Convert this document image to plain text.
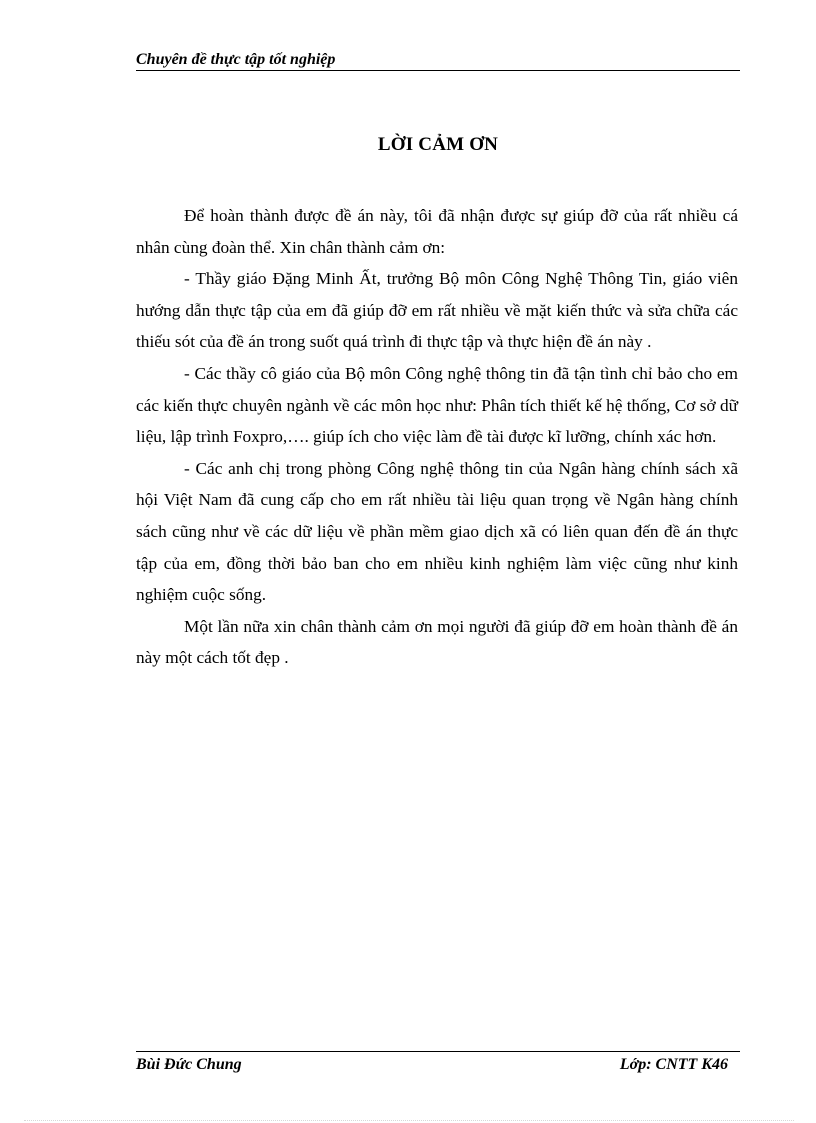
Chuyên đề thực tập tốt nghiệp
LỜI CẢM ƠN

Để hoàn thành được đề án này, tôi đã nhận được sự giúp đỡ của rất nhiều cá nhân cùng đoàn thể. Xin chân thành cảm ơn:

- Thầy giáo Đặng Minh Ất, trưởng Bộ môn Công Nghệ Thông Tin, giáo viên hướng dẫn thực tập của em đã giúp đỡ em rất nhiều về mặt kiến thức và sửa chữa các thiếu sót của đề án trong suốt quá trình đi thực tập và thực hiện đề án này .

- Các thầy cô giáo của Bộ môn Công nghệ thông tin đã tận tình chỉ bảo cho em các kiến thực chuyên ngành về các môn học như: Phân tích thiết kế hệ thống, Cơ sở dữ liệu, lập trình Foxpro,…. giúp ích cho việc làm đề tài được kĩ lưỡng, chính xác hơn.

- Các anh chị trong phòng Công nghệ thông tin của Ngân hàng chính sách xã hội Việt Nam đã cung cấp cho em rất nhiều tài liệu quan trọng về Ngân hàng chính sách cũng như về các dữ liệu về phần mềm giao dịch xã có liên quan đến đề án thực tập của em, đồng thời bảo ban cho em nhiều kinh nghiệm làm việc cũng như kinh nghiệm cuộc sống.

Một lần nữa xin chân thành cảm ơn mọi người đã giúp đỡ em hoàn thành đề án này một cách tốt đẹp .

Bùi Đức Chung	Lớp: CNTT K46
